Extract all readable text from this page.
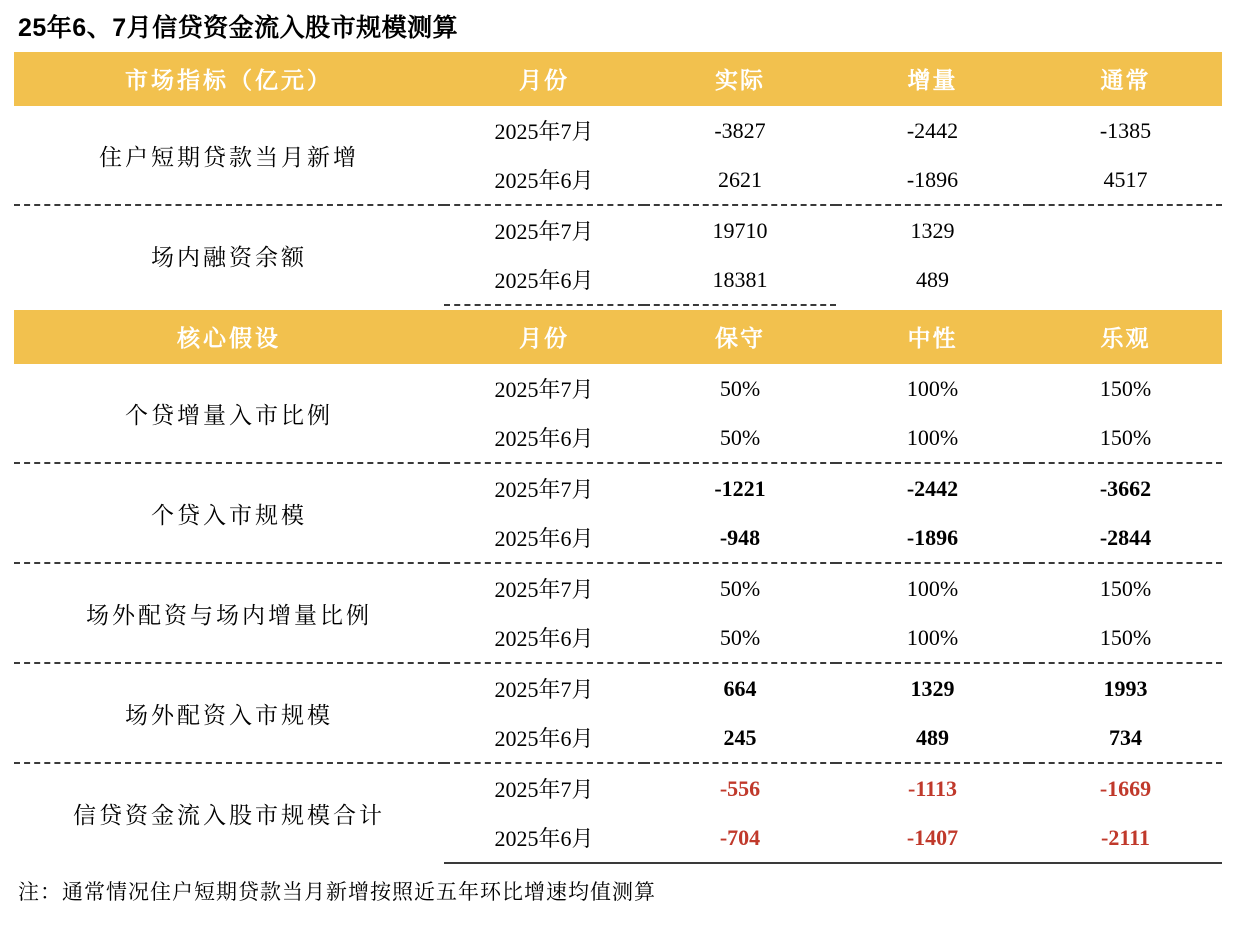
25年6、7月信贷资金流入股市规模测算
市场指标（亿元）	月份	实际	增量	通常
住户短期贷款当月新增	2025年7月	-3827	-2442	-1385
	2025年6月	2621	-1896	4517
场内融资余额	2025年7月	19710	1329	
	2025年6月	18381	489	

核心假设	月份	保守	中性	乐观
个贷增量入市比例	2025年7月	50%	100%	150%
	2025年6月	50%	100%	150%
个贷入市规模	2025年7月	-1221	-2442	-3662
	2025年6月	-948	-1896	-2844
场外配资与场内增量比例	2025年7月	50%	100%	150%
	2025年6月	50%	100%	150%
场外配资入市规模	2025年7月	664	1329	1993
	2025年6月	245	489	734
信贷资金流入股市规模合计	2025年7月	-556	-1113	-1669
	2025年6月	-704	-1407	-2111
注：通常情况住户短期贷款当月新增按照近五年环比增速均值测算
